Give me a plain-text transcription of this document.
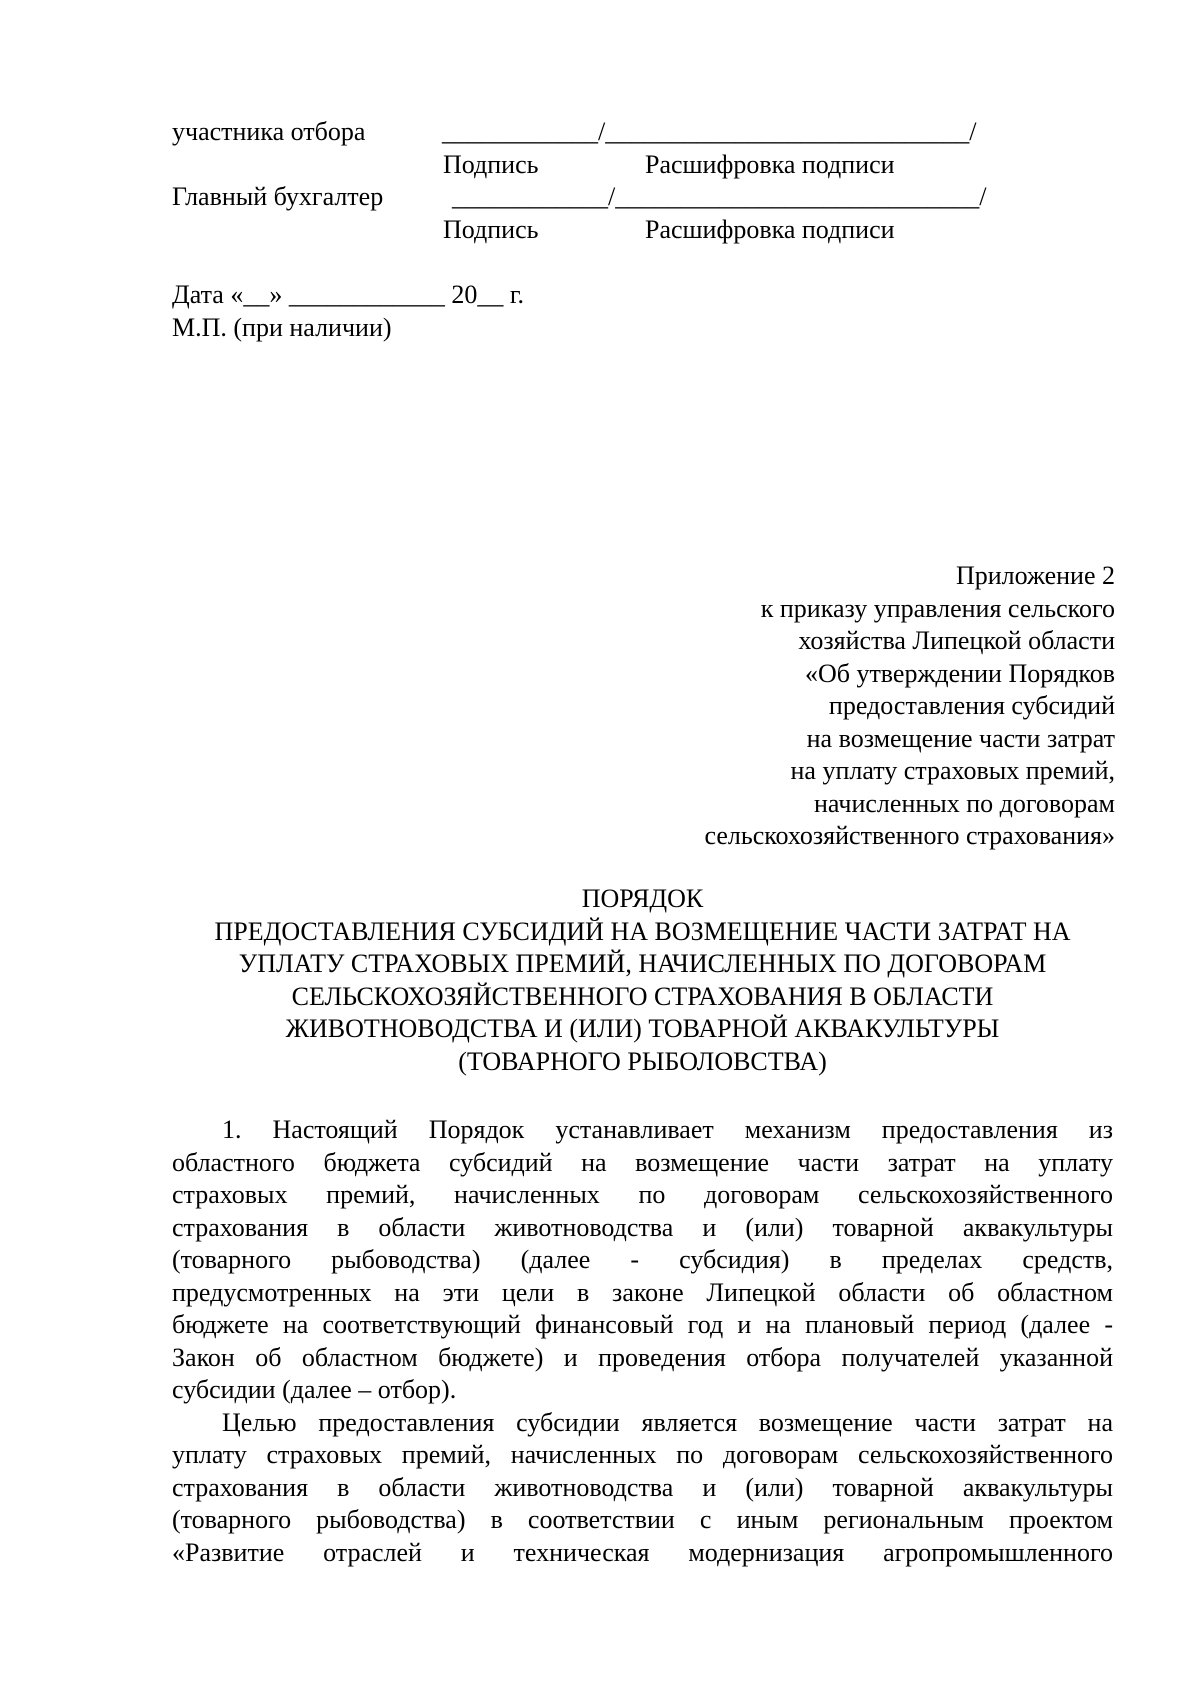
участника отбора	____________/____________________________/
Подпись	Расшифровка подписи
Главный бухгалтер	____________/____________________________/
Подпись	Расшифровка подписи
Дата «__» ____________ 20__ г.
М.П. (при наличии)
Приложение 2
к приказу управления сельского
хозяйства Липецкой области
«Об утверждении Порядков
предоставления субсидий
на возмещение части затрат
на уплату страховых премий,
начисленных по договорам
сельскохозяйственного страхования»
ПОРЯДОК
ПРЕДОСТАВЛЕНИЯ СУБСИДИЙ НА ВОЗМЕЩЕНИЕ ЧАСТИ ЗАТРАТ НА
УПЛАТУ СТРАХОВЫХ ПРЕМИЙ, НАЧИСЛЕННЫХ ПО ДОГОВОРАМ
СЕЛЬСКОХОЗЯЙСТВЕННОГО СТРАХОВАНИЯ В ОБЛАСТИ
ЖИВОТНОВОДСТВА И (ИЛИ) ТОВАРНОЙ АКВАКУЛЬТУРЫ
(ТОВАРНОГО РЫБОЛОВСТВА)
1. Настоящий Порядок устанавливает механизм предоставления из
областного бюджета субсидий на возмещение части затрат на уплату
страховых премий, начисленных по договорам сельскохозяйственного
страхования в области животноводства и (или) товарной аквакультуры
(товарного рыбоводства) (далее - субсидия) в пределах средств,
предусмотренных на эти цели в законе Липецкой области об областном
бюджете на соответствующий финансовый год и на плановый период (далее -
Закон об областном бюджете) и проведения отбора получателей указанной
субсидии (далее – отбор).
Целью предоставления субсидии является возмещение части затрат на
уплату страховых премий, начисленных по договорам сельскохозяйственного
страхования в области животноводства и (или) товарной аквакультуры
(товарного рыбоводства) в соответствии с иным региональным проектом
«Развитие отраслей и техническая модернизация агропромышленного
